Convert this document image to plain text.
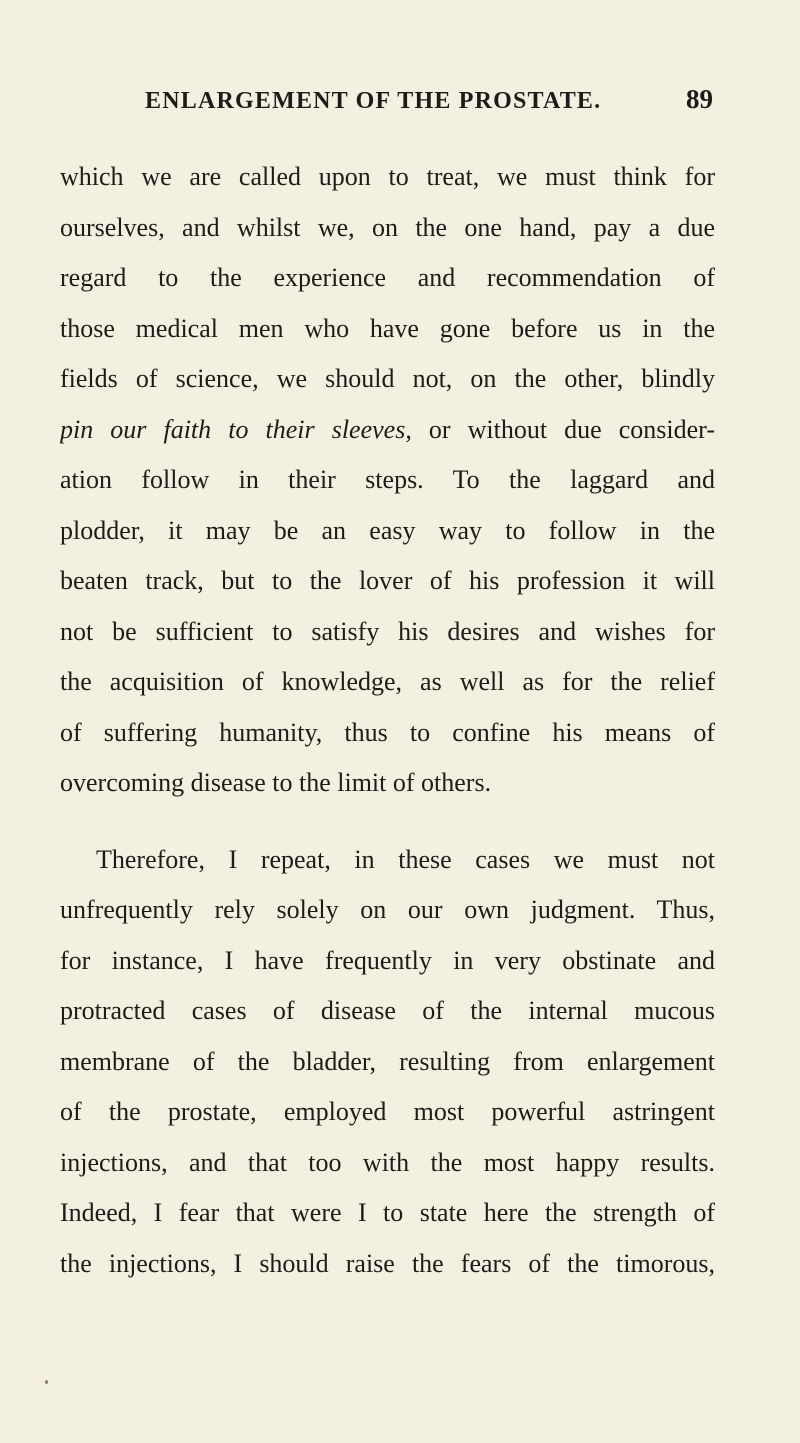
ENLARGEMENT OF THE PROSTATE.	89
which we are called upon to treat, we must think for
ourselves, and whilst we, on the one hand, pay a due
regard to the experience and recommendation of
those medical men who have gone before us in the
fields of science, we should not, on the other, blindly
pin our faith to their sleeves, or without due consider-
ation follow in their steps. To the laggard and
plodder, it may be an easy way to follow in the
beaten track, but to the lover of his profession it will
not be sufficient to satisfy his desires and wishes for
the acquisition of knowledge, as well as for the relief
of suffering humanity, thus to confine his means of
overcoming disease to the limit of others.
Therefore, I repeat, in these cases we must not
unfrequently rely solely on our own judgment. Thus,
for instance, I have frequently in very obstinate and
protracted cases of disease of the internal mucous
membrane of the bladder, resulting from enlargement
of the prostate, employed most powerful astringent
injections, and that too with the most happy results.
Indeed, I fear that were I to state here the strength of
the injections, I should raise the fears of the timorous,
